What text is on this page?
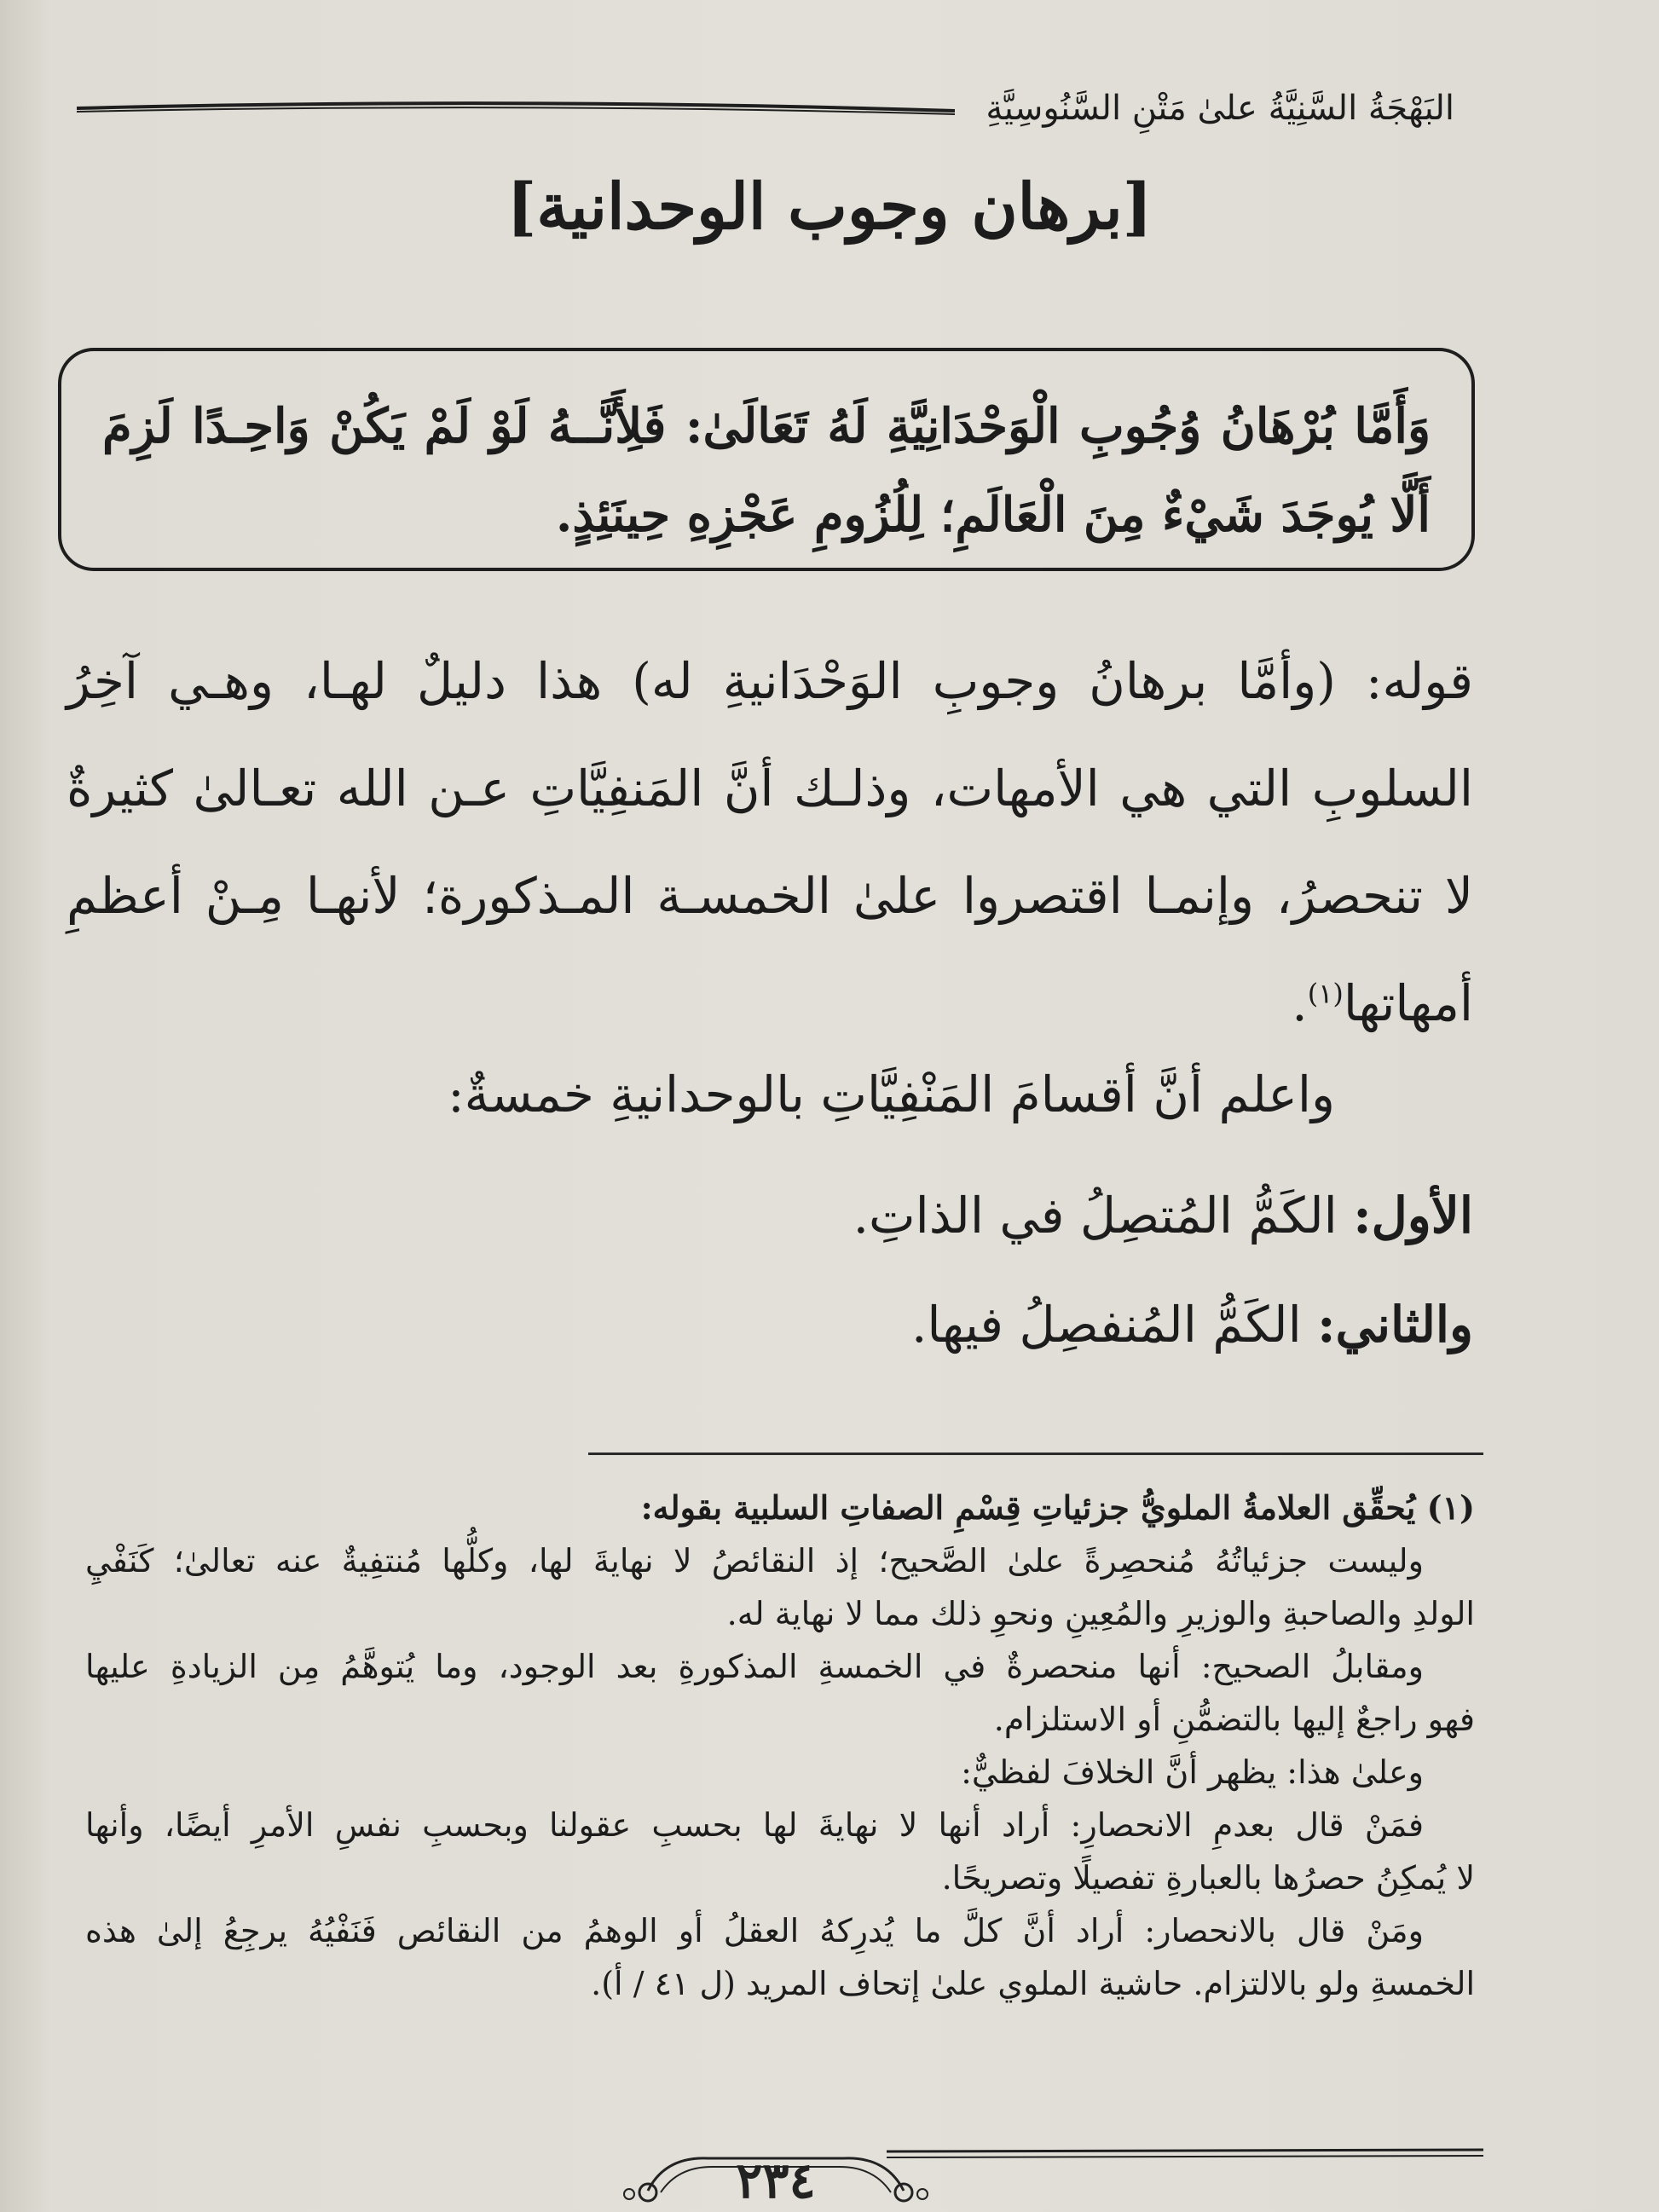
البَهْجَةُ السَّنِيَّةُ علىٰ مَتْنِ السَّنُوسِيَّةِ
[برهان وجوب الوحدانية]
وَأَمَّا بُرْهَانُ وُجُوبِ الْوَحْدَانِيَّةِ لَهُ تَعَالَىٰ: فَلِأَنَّــهُ لَوْ لَمْ يَكُنْ وَاحِـدًا لَزِمَ
أَلَّا يُوجَدَ شَيْءٌ مِنَ الْعَالَمِ؛ لِلُزُومِ عَجْزِهِ حِينَئِذٍ.
قوله: (وأمَّا برهانُ وجوبِ الوَحْدَانيةِ له) هذا دليلٌ لهـا، وهـي آخِرُ
السلوبِ التي هي الأمهات، وذلـك أنَّ المَنفِيَّاتِ عـن الله تعـالىٰ كثيرةٌ
لا تنحصرُ، وإنمـا اقتصروا علىٰ الخمسـة المـذكورة؛ لأنهـا مِـنْ أعظمِ
أمهاتها$^{(١)}$.
واعلم أنَّ أقسامَ المَنْفِيَّاتِ بالوحدانيةِ خمسةٌ:
الأول: الكَمُّ المُتصِلُ في الذاتِ.
والثاني: الكَمُّ المُنفصِلُ فيها.
(١) يُحقِّق العلامةُ الملويُّ جزئياتِ قِسْمِ الصفاتِ السلبية بقوله:
وليست جزئياتُهُ مُنحصِرةً علىٰ الصَّحيح؛ إذ النقائصُ لا نهايةَ لها، وكلُّها مُنتفِيةٌ عنه تعالىٰ؛ كَنَفْيِ
الولدِ والصاحبةِ والوزيرِ والمُعِينِ ونحوِ ذلك مما لا نهاية له.
ومقابلُ الصحيح: أنها منحصرةٌ في الخمسةِ المذكورةِ بعد الوجود، وما يُتوهَّمُ مِن الزيادةِ عليها
فهو راجعٌ إليها بالتضمُّنِ أو الاستلزام.
وعلىٰ هذا: يظهر أنَّ الخلافَ لفظيٌّ:
فمَنْ قال بعدمِ الانحصارِ: أراد أنها لا نهايةَ لها بحسبِ عقولنا وبحسبِ نفسِ الأمرِ أيضًا، وأنها
لا يُمكِنُ حصرُها بالعبارةِ تفصيلًا وتصريحًا.
ومَنْ قال بالانحصار: أراد أنَّ كلَّ ما يُدرِكهُ العقلُ أو الوهمُ من النقائص فَنَفْيُهُ يرجِعُ إلىٰ هذه
الخمسةِ ولو بالالتزام. حاشية الملوي علىٰ إتحاف المريد (ل ٤١ / أ).
٢٣٤
